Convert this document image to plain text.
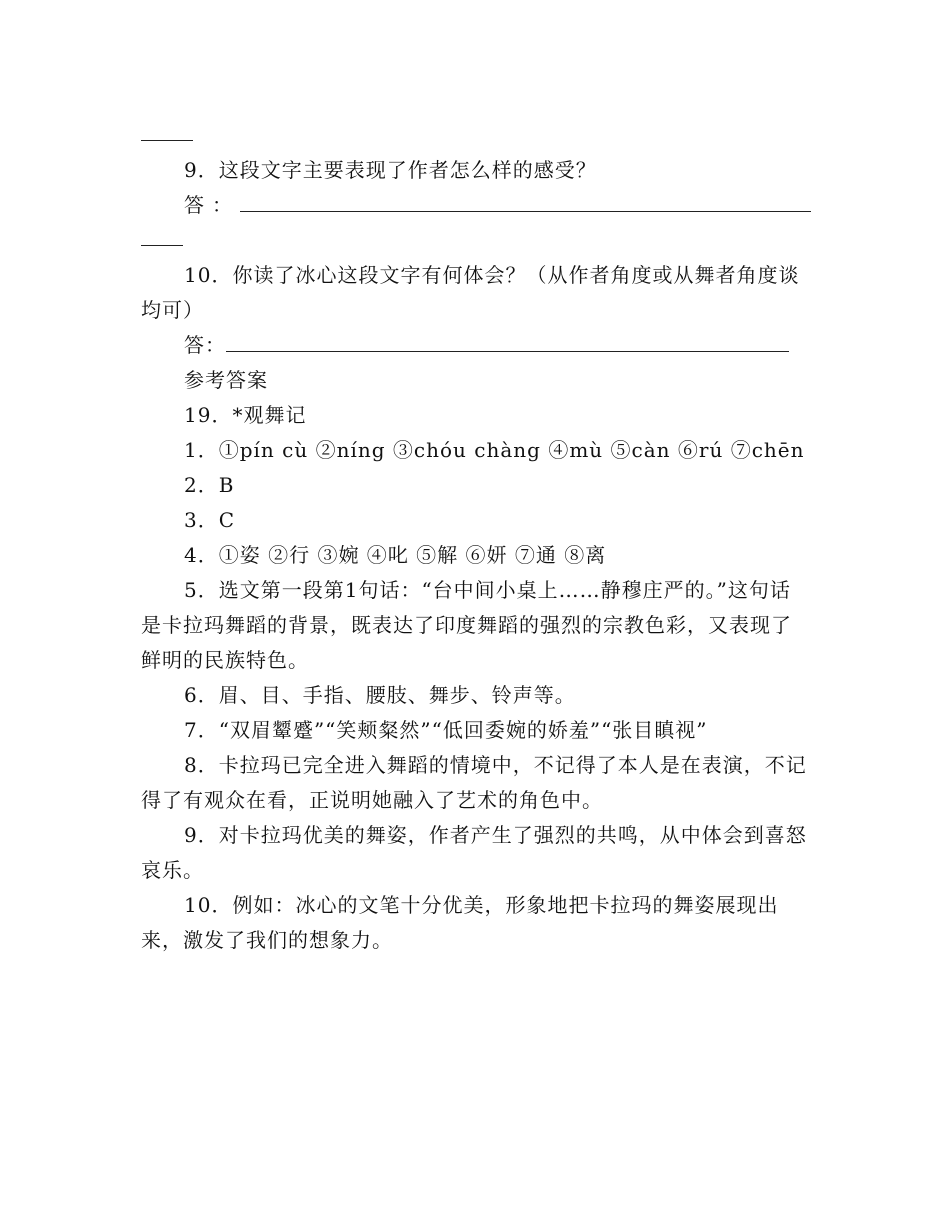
9．这段文字主要表现了作者怎么样的感受？

答：

10．你读了冰心这段文字有何体会？（从作者角度或从舞者角度谈均可）

答：

参考答案

19．*观舞记

1．①pín cù ②níng ③chóu chàng ④mù ⑤càn ⑥rú ⑦chēn

2．B

3．C

4．①姿 ②行 ③婉 ④叱 ⑤解 ⑥妍 ⑦通 ⑧离

5．选文第一段第1句话：“台中间小桌上……静穆庄严的。”这句话是卡拉玛舞蹈的背景，既表达了印度舞蹈的强烈的宗教色彩，又表现了鲜明的民族特色。

6．眉、目、手指、腰肢、舞步、铃声等。

7．“双眉颦蹙”“笑颊粲然”“低回委婉的娇羞”“张目瞋视”

8．卡拉玛已完全进入舞蹈的情境中，不记得了本人是在表演，不记得了有观众在看，正说明她融入了艺术的角色中。

9．对卡拉玛优美的舞姿，作者产生了强烈的共鸣，从中体会到喜怒哀乐。

10．例如：冰心的文笔十分优美，形象地把卡拉玛的舞姿展现出来，激发了我们的想象力。
